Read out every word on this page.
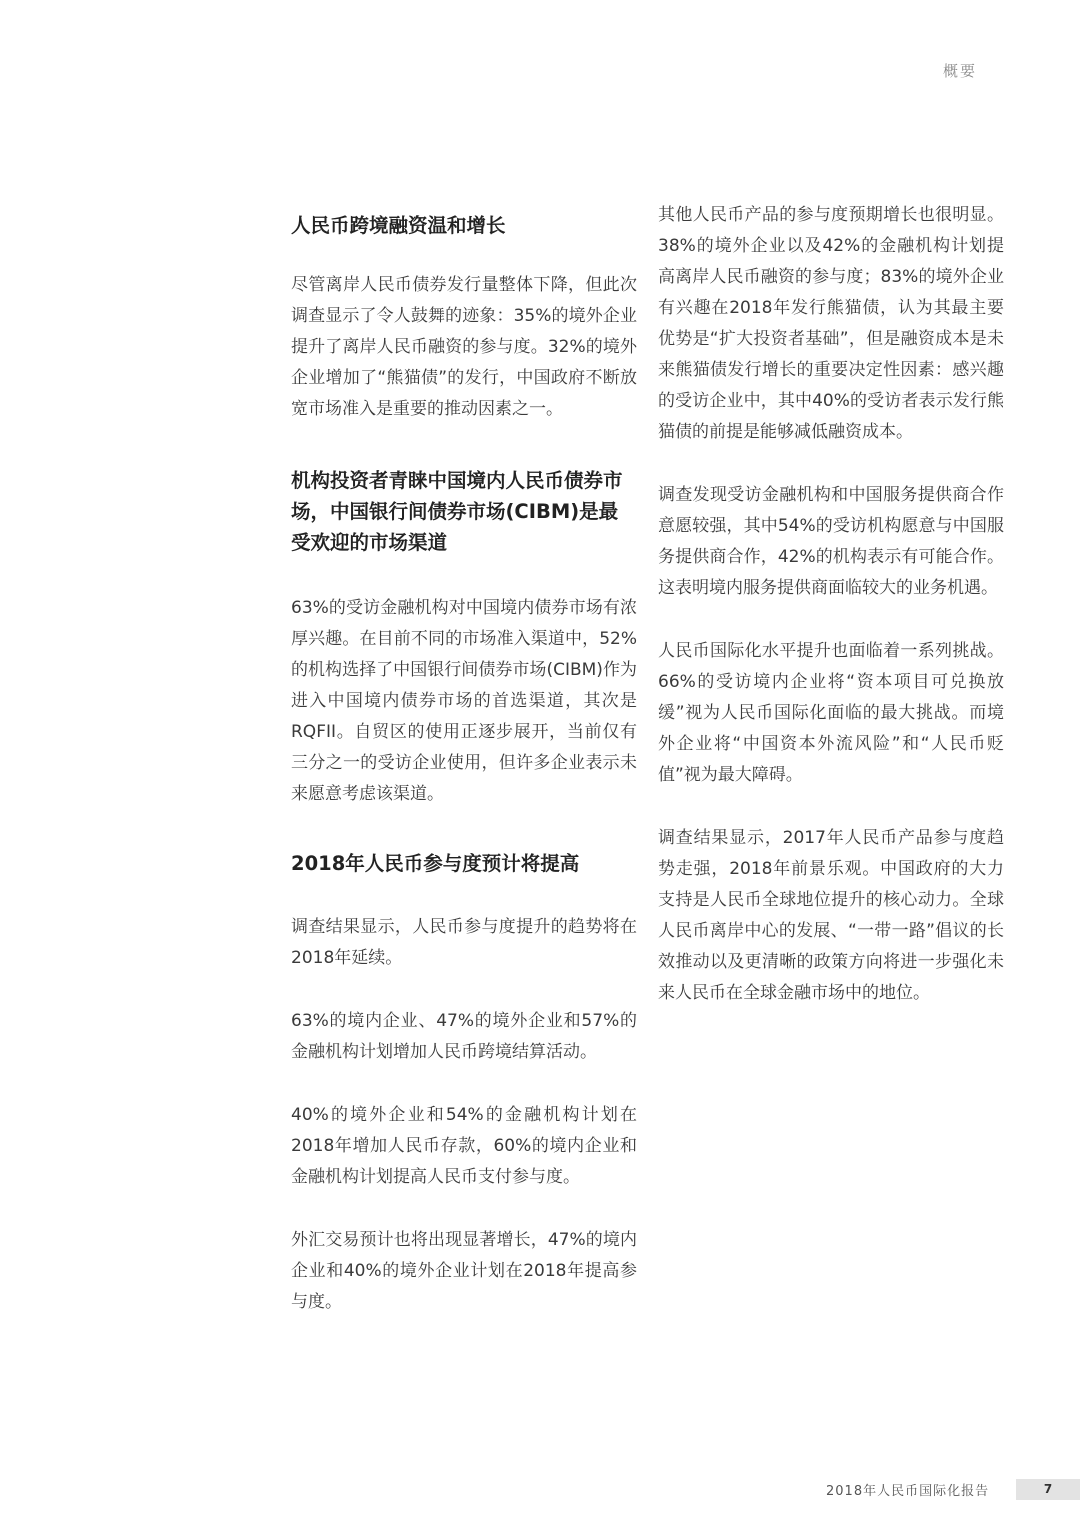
概要
人民币跨境融资温和增长
尽管离岸人民币债券发行量整体下降，但此次调查显示了令人鼓舞的迹象：35%的境外企业提升了离岸人民币融资的参与度。32%的境外企业增加了“熊猫债”的发行，中国政府不断放宽市场准入是重要的推动因素之一。
机构投资者青睐中国境内人民币债券市场，中国银行间债券市场(CIBM)是最受欢迎的市场渠道
63%的受访金融机构对中国境内债券市场有浓厚兴趣。在目前不同的市场准入渠道中，52%的机构选择了中国银行间债券市场(CIBM)作为进入中国境内债券市场的首选渠道，其次是RQFII。自贸区的使用正逐步展开，当前仅有三分之一的受访企业使用，但许多企业表示未来愿意考虑该渠道。
2018年人民币参与度预计将提高
调查结果显示，人民币参与度提升的趋势将在2018年延续。
63%的境内企业、47%的境外企业和57%的金融机构计划增加人民币跨境结算活动。
40%的境外企业和54%的金融机构计划在2018年增加人民币存款，60%的境内企业和金融机构计划提高人民币支付参与度。
外汇交易预计也将出现显著增长，47%的境内企业和40%的境外企业计划在2018年提高参与度。
其他人民币产品的参与度预期增长也很明显。38%的境外企业以及42%的金融机构计划提高离岸人民币融资的参与度；83%的境外企业有兴趣在2018年发行熊猫债，认为其最主要优势是“扩大投资者基础”，但是融资成本是未来熊猫债发行增长的重要决定性因素：感兴趣的受访企业中，其中40%的受访者表示发行熊猫债的前提是能够减低融资成本。
调查发现受访金融机构和中国服务提供商合作意愿较强，其中54%的受访机构愿意与中国服务提供商合作，42%的机构表示有可能合作。这表明境内服务提供商面临较大的业务机遇。
人民币国际化水平提升也面临着一系列挑战。66%的受访境内企业将“资本项目可兑换放缓”视为人民币国际化面临的最大挑战。而境外企业将“中国资本外流风险”和“人民币贬值”视为最大障碍。
调查结果显示，2017年人民币产品参与度趋势走强，2018年前景乐观。中国政府的大力支持是人民币全球地位提升的核心动力。全球人民币离岸中心的发展、“一带一路”倡议的长效推动以及更清晰的政策方向将进一步强化未来人民币在全球金融市场中的地位。
2018年人民币国际化报告	7
